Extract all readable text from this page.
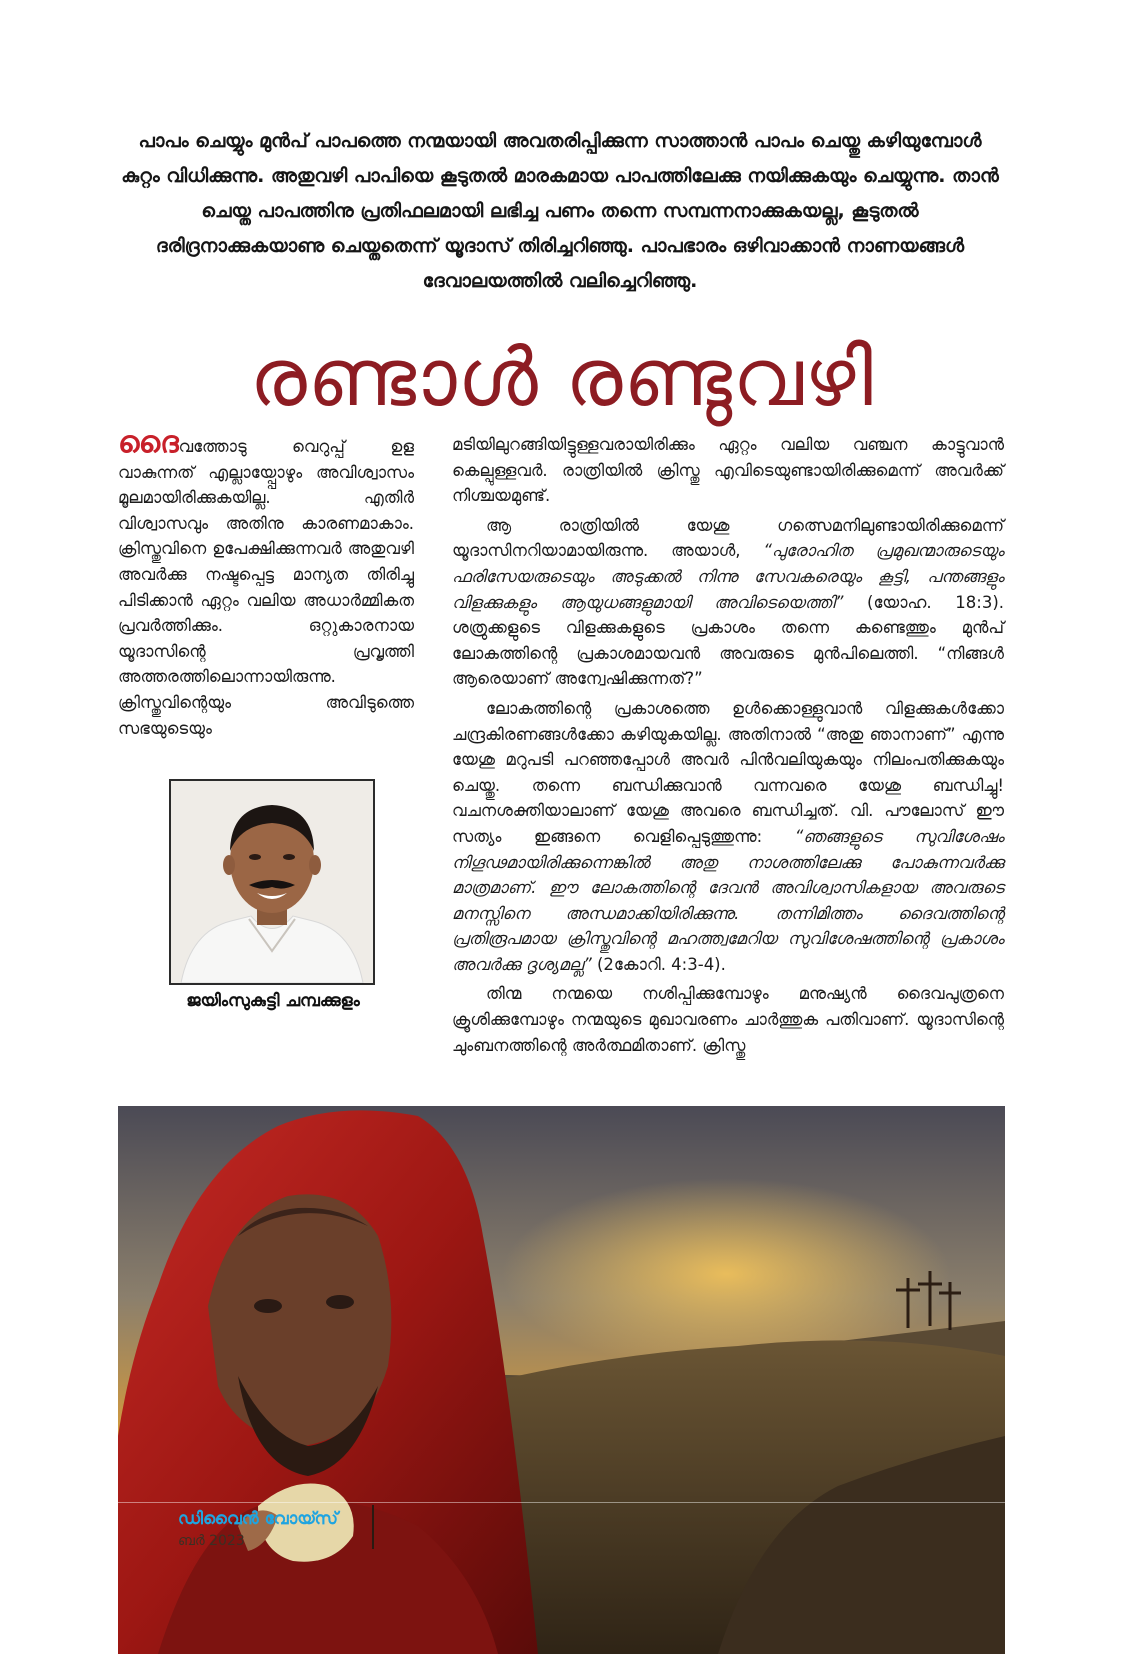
പാപം ചെയ്യും മുൻപ് പാപത്തെ നന്മയായി അവതരിപ്പിക്കുന്ന സാത്താൻ പാപം ചെയ്തു കഴിയുമ്പോൾ കുറ്റം വിധിക്കുന്നു. അതുവഴി പാപിയെ കൂടുതൽ മാരകമായ പാപത്തിലേക്കു നയിക്കുകയും ചെയ്യുന്നു. താൻ ചെയ്ത പാപത്തിനു പ്രതിഫലമായി ലഭിച്ച പണം തന്നെ സമ്പന്നനാക്കുകയല്ല, കൂടുതൽ ദരിദ്രനാക്കുകയാണു ചെയ്തതെന്ന് യൂദാസ് തിരിച്ചറിഞ്ഞു. പാപഭാരം ഒഴിവാക്കാൻ നാണയങ്ങൾ ദേവാലയത്തിൽ വലിച്ചെറിഞ്ഞു.
രണ്ടാൾ രണ്ടുവഴി

ദൈവത്തോടു വെറുപ്പ് ഉള വാകുന്നത് എല്ലായ്പ്പോഴും അവിശ്വാസം മൂലമായിരിക്കുകയില്ല. എതിർ വിശ്വാസവും അതിനു കാരണമാകാം. ക്രിസ്തുവിനെ ഉപേക്ഷിക്കുന്നവർ അതുവഴി അവർക്കു നഷ്ടപ്പെട്ട മാന്യത തിരിച്ചു പിടിക്കാൻ ഏറ്റം വലിയ അധാർമ്മികത പ്രവർത്തിക്കും. ഒറ്റുകാരനായ യൂദാസിന്റെ പ്രവൃത്തി അത്തരത്തിലൊന്നായിരുന്നു. ക്രിസ്തുവിന്റെയും അവിടുത്തെ സഭയുടെയും

ജയിംസുകുട്ടി ചമ്പക്കുളം

മടിയിലുറങ്ങിയിട്ടുള്ളവരായിരിക്കും ഏറ്റം വലിയ വഞ്ചന കാട്ടുവാൻ കെല്പുള്ളവർ. രാത്രിയിൽ ക്രിസ്തു എവിടെയുണ്ടായിരിക്കുമെന്ന് അവർക്ക് നിശ്ചയമുണ്ട്.

ആ രാത്രിയിൽ യേശു ഗത്സെമനിലുണ്ടായിരിക്കുമെന്ന് യൂദാസിനറിയാമായിരുന്നു. അയാൾ, “പുരോഹിത പ്രമുഖന്മാരുടെയും ഫരിസേയരുടെയും അടുക്കൽ നിന്നു സേവകരെയും കൂട്ടി, പന്തങ്ങളും വിളക്കുകളും ആയുധങ്ങളുമായി അവിടെയെത്തി” (യോഹ. 18:3). ശത്രുക്കളുടെ വിളക്കുകളുടെ പ്രകാശം തന്നെ കണ്ടെത്തും മുൻപ് ലോകത്തിന്റെ പ്രകാശമായവൻ അവരുടെ മുൻപിലെത്തി. “നിങ്ങൾ ആരെയാണ് അന്വേഷിക്കുന്നത്?”

ലോകത്തിന്റെ പ്രകാശത്തെ ഉൾക്കൊള്ളുവാൻ വിളക്കുകൾക്കോ ചന്ദ്രകിരണങ്ങൾക്കോ കഴിയുകയില്ല. അതിനാൽ “അതു ഞാനാണ്” എന്നു യേശു മറുപടി പറഞ്ഞപ്പോൾ അവർ പിൻവലിയുകയും നിലംപതിക്കുകയും ചെയ്തു. തന്നെ ബന്ധിക്കുവാൻ വന്നവരെ യേശു ബന്ധിച്ചു! വചനശക്തിയാലാണ് യേശു അവരെ ബന്ധിച്ചത്. വി. പൗലോസ് ഈ സത്യം ഇങ്ങനെ വെളിപ്പെടുത്തുന്നു: “ഞങ്ങളുടെ സുവിശേഷം നിഗൂഢമായിരിക്കുന്നെങ്കിൽ അതു നാശത്തിലേക്കു പോകുന്നവർക്കു മാത്രമാണ്. ഈ ലോകത്തിന്റെ ദേവൻ അവിശ്വാസികളായ അവരുടെ മനസ്സിനെ അന്ധമാക്കിയിരിക്കുന്നു. തന്നിമിത്തം ദൈവത്തിന്റെ പ്രതിരൂപമായ ക്രിസ്തുവിന്റെ മഹത്ത്വമേറിയ സുവിശേഷത്തിന്റെ പ്രകാശം അവർക്കു ദൃശ്യമല്ല” (2കോറി. 4:3-4).

തിന്മ നന്മയെ നശിപ്പിക്കുമ്പോഴും മനുഷ്യൻ ദൈവപുത്രനെ ക്രൂശിക്കുമ്പോഴും നന്മയുടെ മുഖാവരണം ചാർത്തുക പതിവാണ്. യൂദാസിന്റെ ചുംബനത്തിന്റെ അർത്ഥമിതാണ്. ക്രിസ്തു

ഡിവൈൻ വോയ്സ്
ബർ 2023
